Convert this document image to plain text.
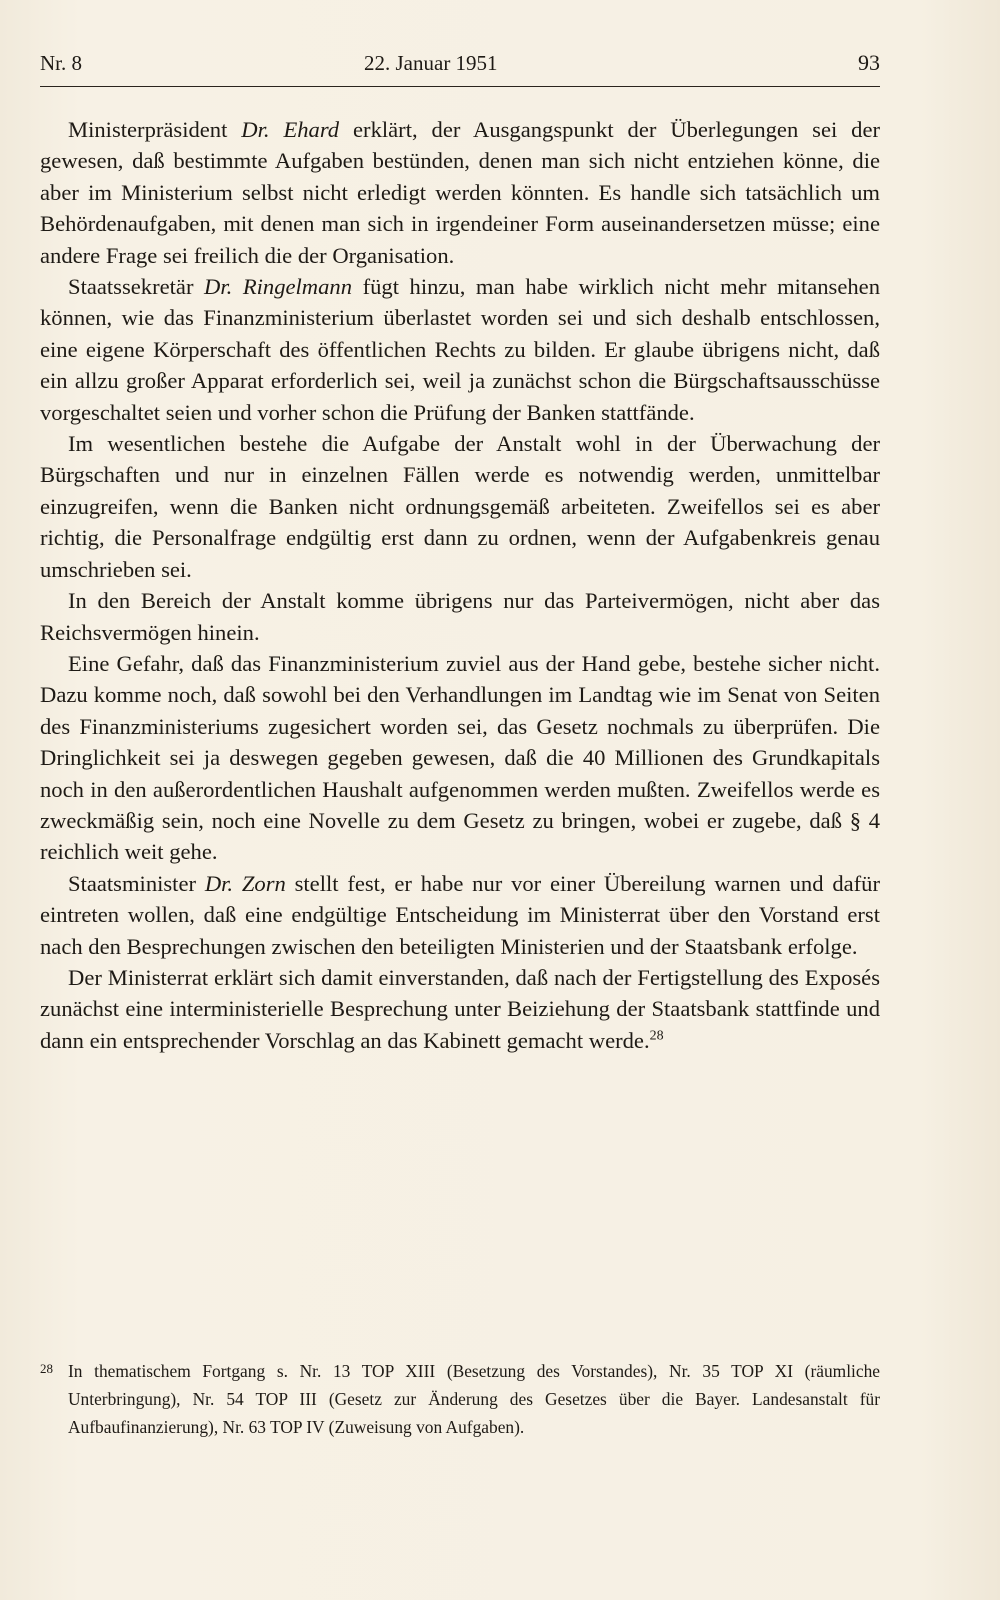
Nr. 8	22. Januar 1951	93

Ministerpräsident Dr. Ehard erklärt, der Ausgangspunkt der Überlegungen sei der gewesen, daß bestimmte Aufgaben bestünden, denen man sich nicht entziehen könne, die aber im Ministerium selbst nicht erledigt werden könnten. Es handle sich tatsächlich um Behördenaufgaben, mit denen man sich in irgendeiner Form auseinandersetzen müsse; eine andere Frage sei freilich die der Organisation.

Staatssekretär Dr. Ringelmann fügt hinzu, man habe wirklich nicht mehr mitansehen können, wie das Finanzministerium überlastet worden sei und sich deshalb entschlossen, eine eigene Körperschaft des öffentlichen Rechts zu bilden. Er glaube übrigens nicht, daß ein allzu großer Apparat erforderlich sei, weil ja zunächst schon die Bürgschaftsausschüsse vorgeschaltet seien und vorher schon die Prüfung der Banken stattfände.

Im wesentlichen bestehe die Aufgabe der Anstalt wohl in der Überwachung der Bürgschaften und nur in einzelnen Fällen werde es notwendig werden, unmittelbar einzugreifen, wenn die Banken nicht ordnungsgemäß arbeiteten. Zweifellos sei es aber richtig, die Personalfrage endgültig erst dann zu ordnen, wenn der Aufgabenkreis genau umschrieben sei.

In den Bereich der Anstalt komme übrigens nur das Parteivermögen, nicht aber das Reichsvermögen hinein.

Eine Gefahr, daß das Finanzministerium zuviel aus der Hand gebe, bestehe sicher nicht. Dazu komme noch, daß sowohl bei den Verhandlungen im Landtag wie im Senat von Seiten des Finanzministeriums zugesichert worden sei, das Gesetz nochmals zu überprüfen. Die Dringlichkeit sei ja deswegen gegeben gewesen, daß die 40 Millionen des Grundkapitals noch in den außerordentlichen Haushalt aufgenommen werden mußten. Zweifellos werde es zweckmäßig sein, noch eine Novelle zu dem Gesetz zu bringen, wobei er zugebe, daß § 4 reichlich weit gehe.

Staatsminister Dr. Zorn stellt fest, er habe nur vor einer Übereilung warnen und dafür eintreten wollen, daß eine endgültige Entscheidung im Ministerrat über den Vorstand erst nach den Besprechungen zwischen den beteiligten Ministerien und der Staatsbank erfolge.

Der Ministerrat erklärt sich damit einverstanden, daß nach der Fertigstellung des Exposés zunächst eine interministerielle Besprechung unter Beiziehung der Staatsbank stattfinde und dann ein entsprechender Vorschlag an das Kabinett gemacht werde.$^{28}$

28 In thematischem Fortgang s. Nr. 13 TOP XIII (Besetzung des Vorstandes), Nr. 35 TOP XI (räumliche Unterbringung), Nr. 54 TOP III (Gesetz zur Änderung des Gesetzes über die Bayer. Landesanstalt für Aufbaufinanzierung), Nr. 63 TOP IV (Zuweisung von Aufgaben).
